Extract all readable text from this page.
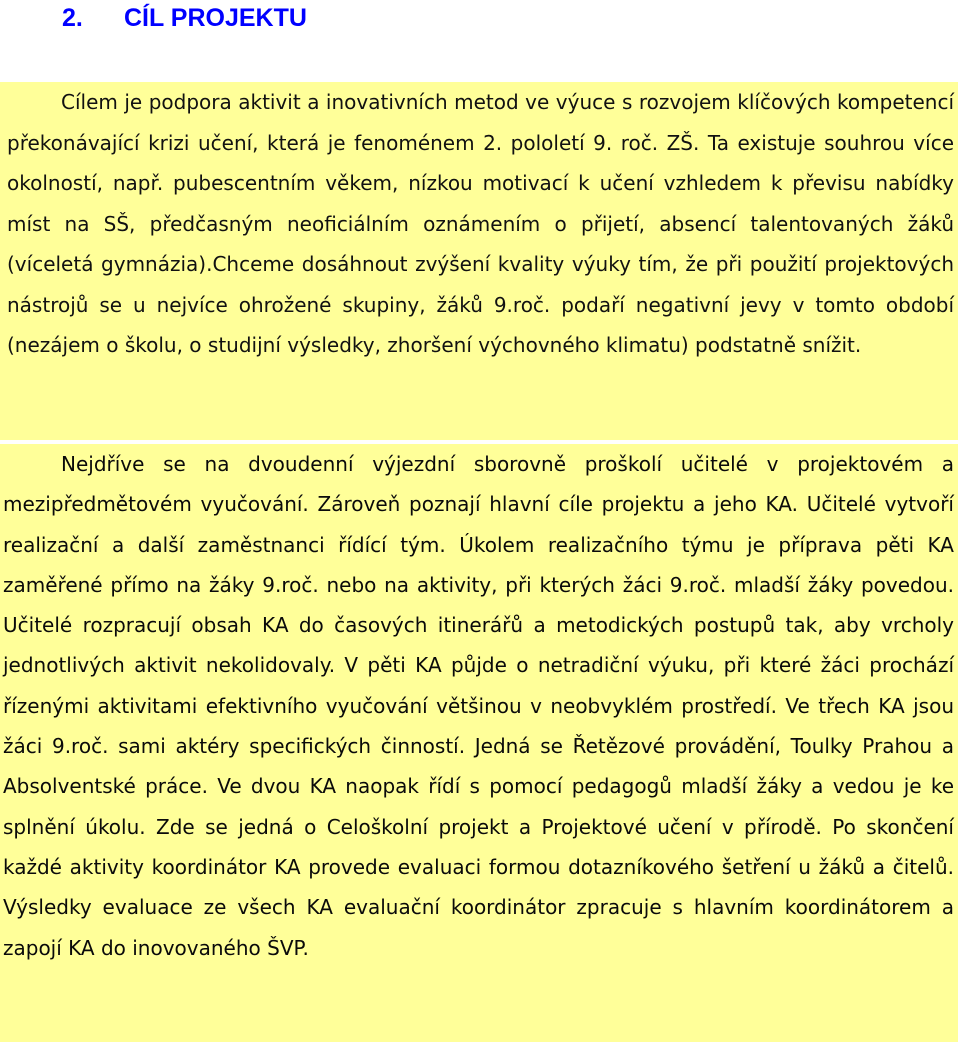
2. CÍL PROJEKTU

Cílem je podpora aktivit a inovativních metod ve výuce s rozvojem klíčových kompetencí překonávající krizi učení, která je fenoménem 2. pololetí 9. roč. ZŠ. Ta existuje souhrou více okolností, např. pubescentním věkem, nízkou motivací k učení vzhledem k převisu nabídky míst na SŠ, předčasným neoficiálním oznámením o přijetí, absencí talentovaných žáků (víceletá gymnázia).Chceme dosáhnout zvýšení kvality výuky tím, že při použití projektových nástrojů se u nejvíce ohrožené skupiny, žáků 9.roč. podaří negativní jevy v tomto období (nezájem o školu, o studijní výsledky, zhoršení výchovného klimatu) podstatně snížit.

Nejdříve se na dvoudenní výjezdní sborovně proškolí učitelé v projektovém a mezipředmětovém vyučování. Zároveň poznají hlavní cíle projektu a jeho KA. Učitelé vytvoří realizační a další zaměstnanci řídící tým. Úkolem realizačního týmu je příprava pěti KA zaměřené přímo na žáky 9.roč. nebo na aktivity, při kterých žáci 9.roč. mladší žáky povedou. Učitelé rozpracují obsah KA do časových itinerářů a metodických postupů tak, aby vrcholy jednotlivých aktivit nekolidovaly. V pěti KA půjde o netradiční výuku, při které žáci prochází řízenými aktivitami efektivního vyučování většinou v neobvyklém prostředí. Ve třech KA jsou žáci 9.roč. sami aktéry specifických činností. Jedná se Řetězové provádění, Toulky Prahou a Absolventské práce. Ve dvou KA naopak řídí s pomocí pedagogů mladší žáky a vedou je ke splnění úkolu. Zde se jedná o Celoškolní projekt a Projektové učení v přírodě. Po skončení každé aktivity koordinátor KA provede evaluaci formou dotazníkového šetření u žáků a čitelů. Výsledky evaluace ze všech KA evaluační koordinátor zpracuje s hlavním koordinátorem a zapojí KA do inovovaného ŠVP.
